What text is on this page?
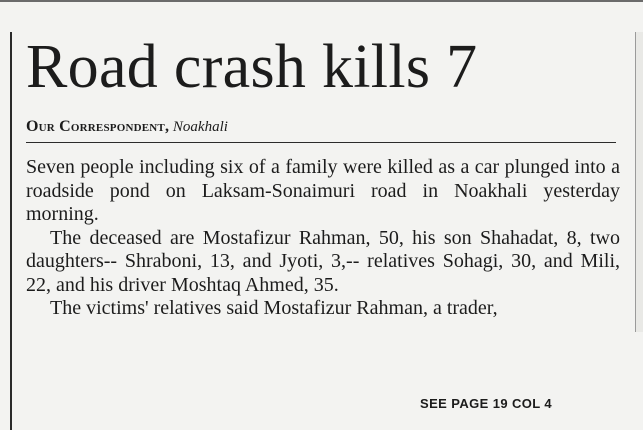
Road crash kills 7
Our Correspondent, Noakhali

Seven people including six of a family were killed as a car plunged into a roadside pond on Laksam-Sonaimuri road in Noakhali yesterday morning.

The deceased are Mostafizur Rahman, 50, his son Shahadat, 8, two daughters-- Shraboni, 13, and Jyoti, 3,-- relatives Sohagi, 30, and Mili, 22, and his driver Moshtaq Ahmed, 35.

The victims' relatives said Mostafizur Rahman, a trader,

SEE PAGE 19 COL 4
